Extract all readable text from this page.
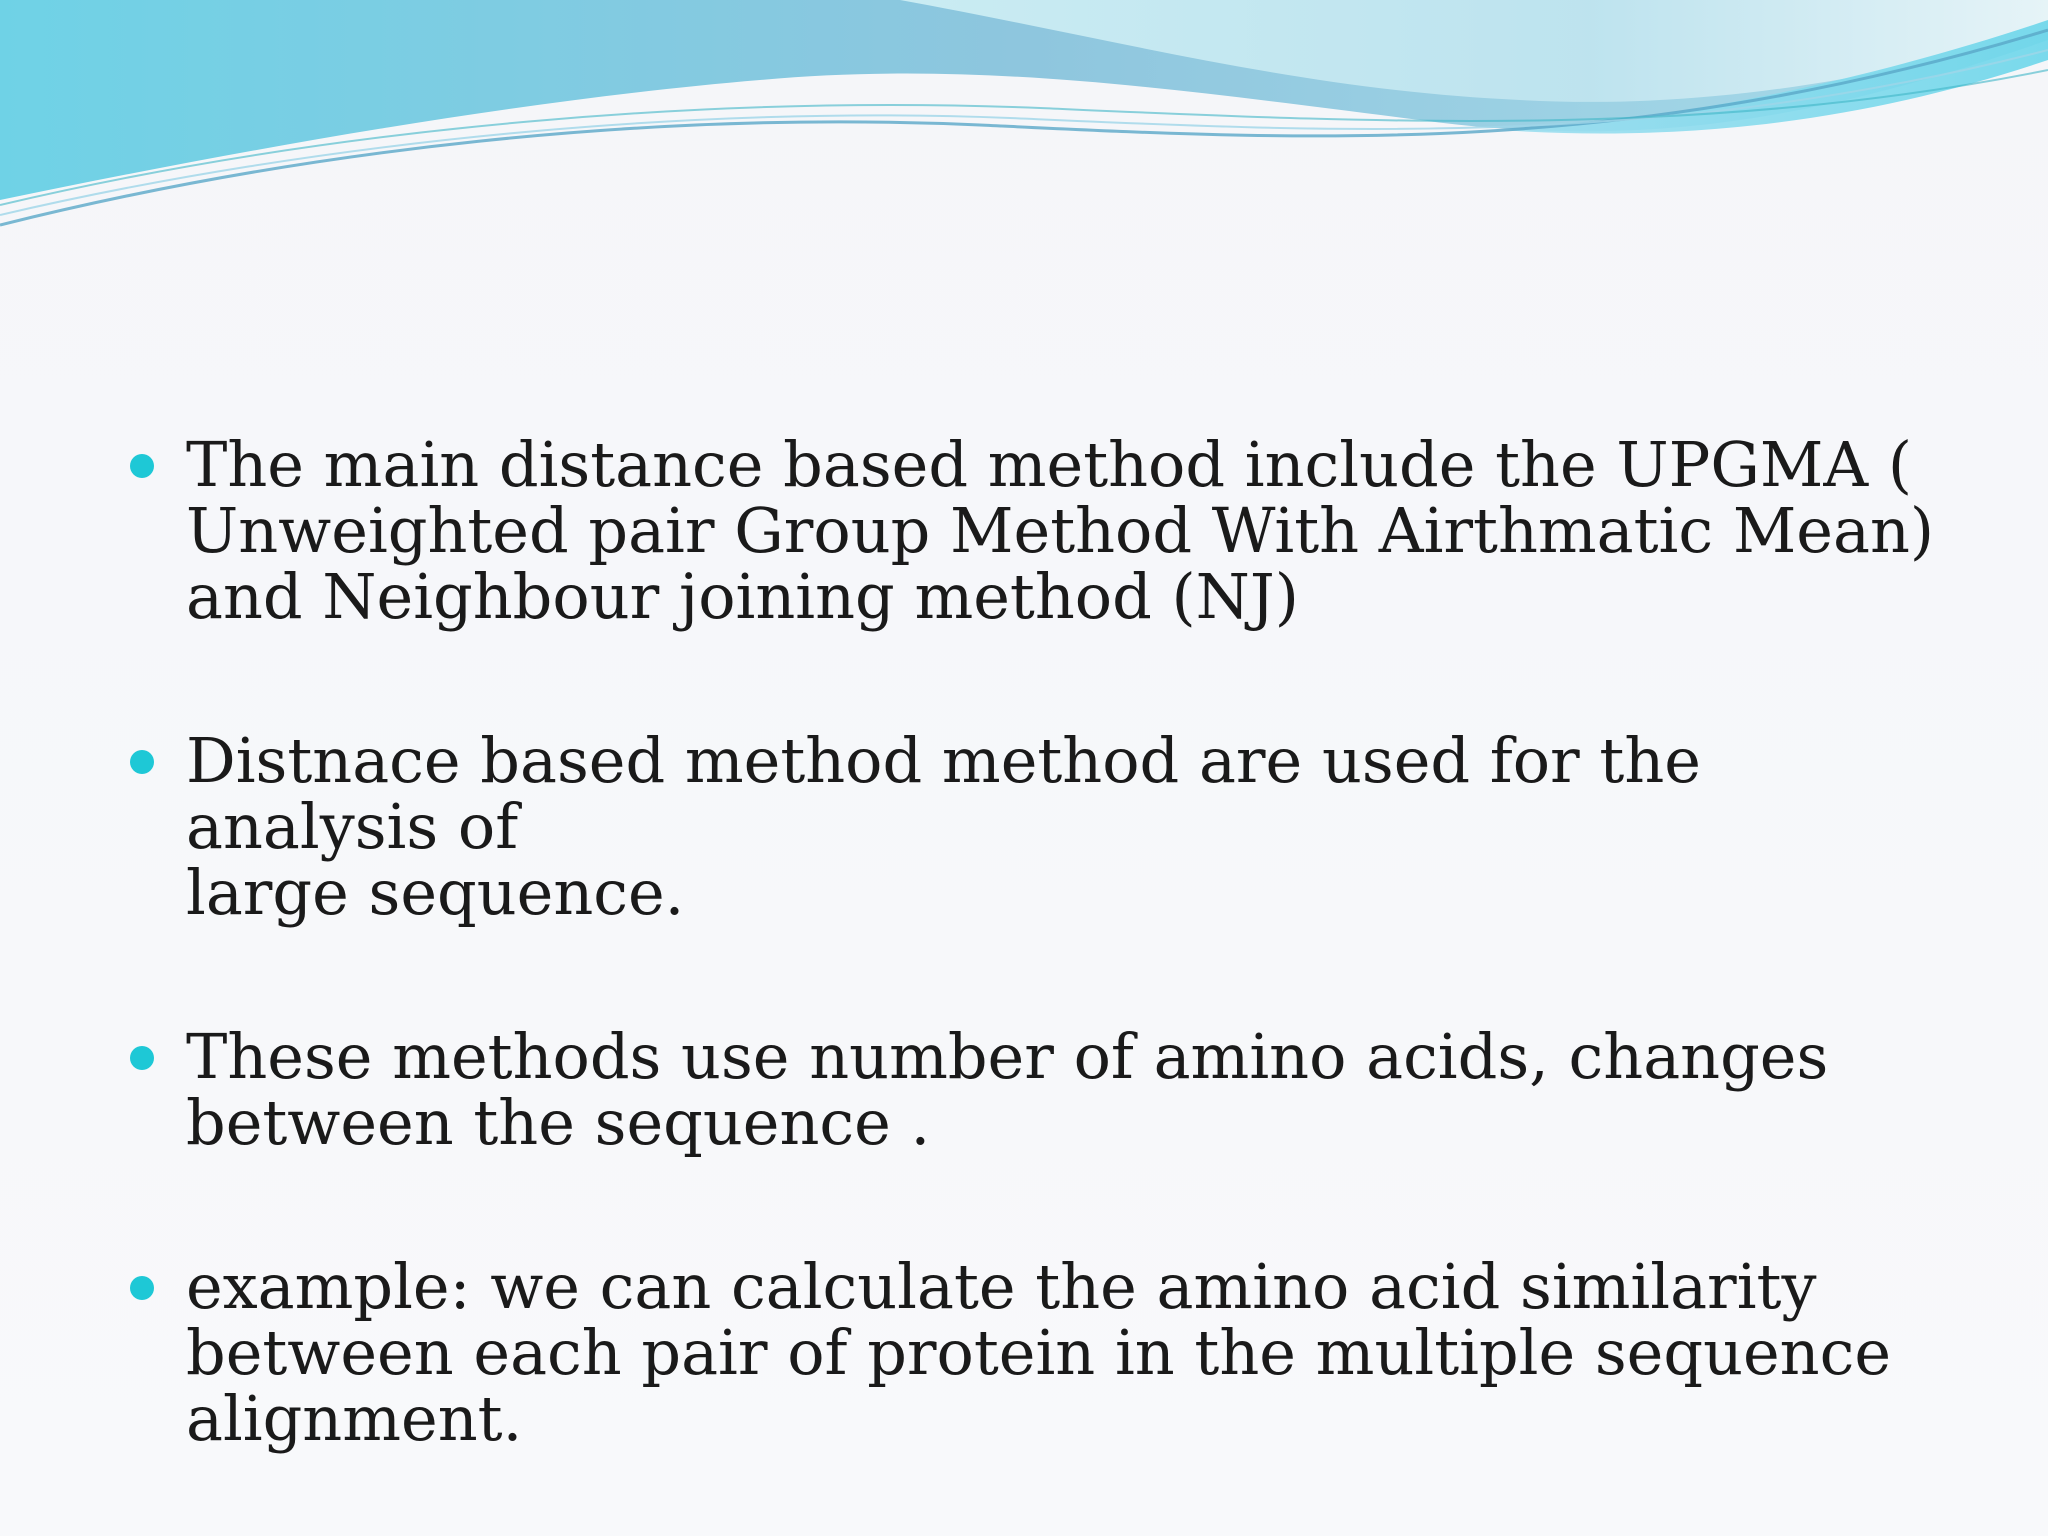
The main distance based method include the UPGMA (
Unweighted pair Group Method With Airthmatic Mean)
and Neighbour joining method (NJ)

Distnace based method method are used for the analysis of
large sequence.

These methods use number of amino acids, changes
between the sequence .

example: we can calculate the amino acid similarity
between each pair of protein in the multiple sequence
alignment.
